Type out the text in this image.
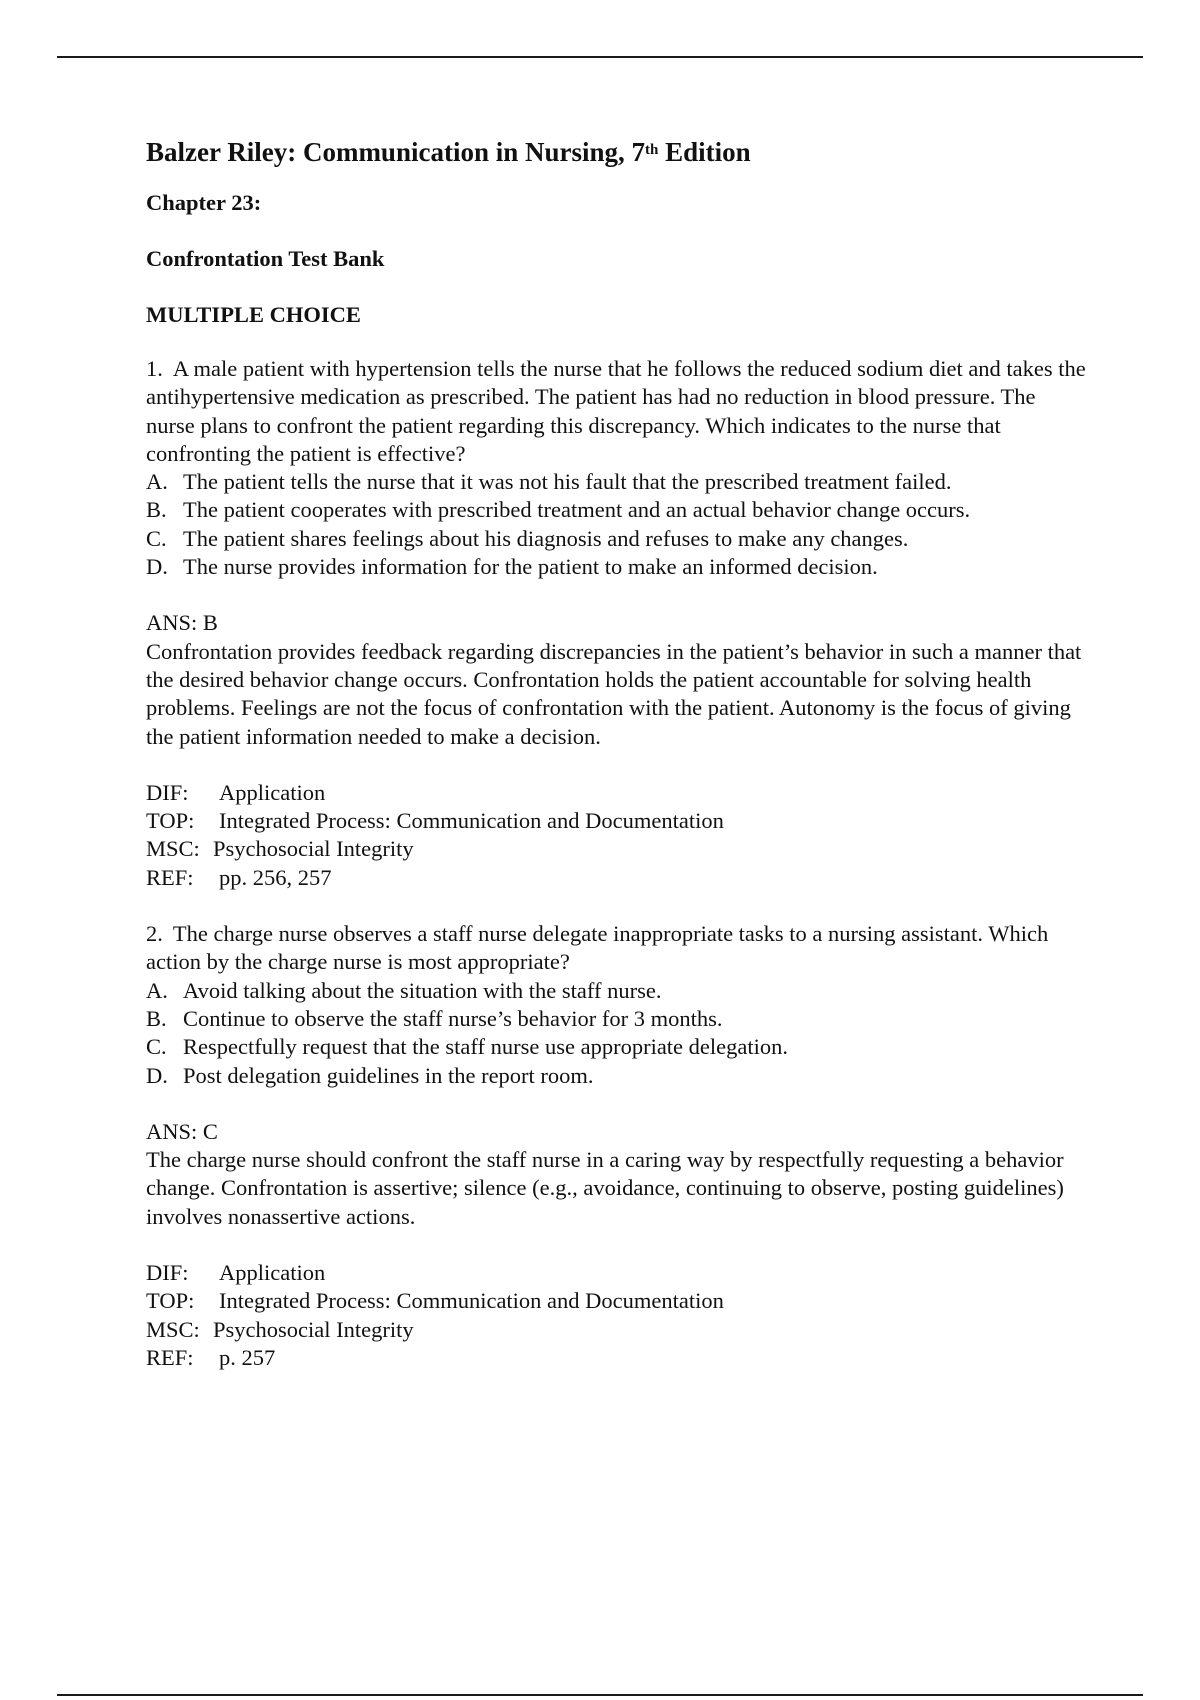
Balzer Riley: Communication in Nursing, 7th Edition
Chapter 23:
Confrontation Test Bank
MULTIPLE CHOICE
1. A male patient with hypertension tells the nurse that he follows the reduced sodium diet and takes the antihypertensive medication as prescribed. The patient has had no reduction in blood pressure. The nurse plans to confront the patient regarding this discrepancy. Which indicates to the nurse that confronting the patient is effective?
A. The patient tells the nurse that it was not his fault that the prescribed treatment failed.
B. The patient cooperates with prescribed treatment and an actual behavior change occurs.
C. The patient shares feelings about his diagnosis and refuses to make any changes.
D. The nurse provides information for the patient to make an informed decision.
ANS: B
Confrontation provides feedback regarding discrepancies in the patient’s behavior in such a manner that the desired behavior change occurs. Confrontation holds the patient accountable for solving health problems. Feelings are not the focus of confrontation with the patient. Autonomy is the focus of giving the patient information needed to make a decision.
DIF:	Application
TOP:	Integrated Process: Communication and Documentation
MSC: Psychosocial Integrity
REF:	pp. 256, 257
2. The charge nurse observes a staff nurse delegate inappropriate tasks to a nursing assistant. Which action by the charge nurse is most appropriate?
A. Avoid talking about the situation with the staff nurse.
B. Continue to observe the staff nurse’s behavior for 3 months.
C. Respectfully request that the staff nurse use appropriate delegation.
D. Post delegation guidelines in the report room.
ANS: C
The charge nurse should confront the staff nurse in a caring way by respectfully requesting a behavior change. Confrontation is assertive; silence (e.g., avoidance, continuing to observe, posting guidelines) involves nonassertive actions.
DIF:	Application
TOP:	Integrated Process: Communication and Documentation
MSC: Psychosocial Integrity
REF:	p. 257
